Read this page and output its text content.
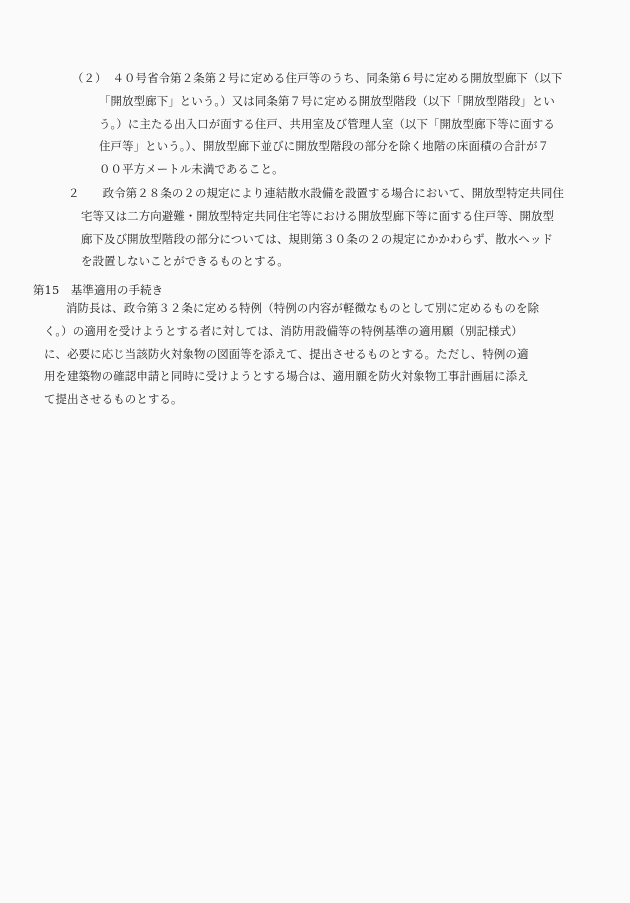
（２）　４０号省令第２条第２号に定める住戸等のうち、同条第６号に定める開放型廊下（以下
「開放型廊下」という。）又は同条第７号に定める開放型階段（以下「開放型階段」とい
う。）に主たる出入口が面する住戸、共用室及び管理人室（以下「開放型廊下等に面する
住戸等」という。）、開放型廊下並びに開放型階段の部分を除く地階の床面積の合計が７
００平方メートル未満であること。
２　　政令第２８条の２の規定により連結散水設備を設置する場合において、開放型特定共同住
宅等又は二方向避難・開放型特定共同住宅等における開放型廊下等に面する住戸等、開放型
廊下及び開放型階段の部分については、規則第３０条の２の規定にかかわらず、散水ヘッド
を設置しないことができるものとする。
第15　基準適用の手続き
消防長は、政令第３２条に定める特例（特例の内容が軽微なものとして別に定めるものを除
く。）の適用を受けようとする者に対しては、消防用設備等の特例基準の適用願（別記様式）
に、必要に応じ当該防火対象物の図面等を添えて、提出させるものとする。ただし、特例の適
用を建築物の確認申請と同時に受けようとする場合は、適用願を防火対象物工事計画届に添え
て提出させるものとする。
